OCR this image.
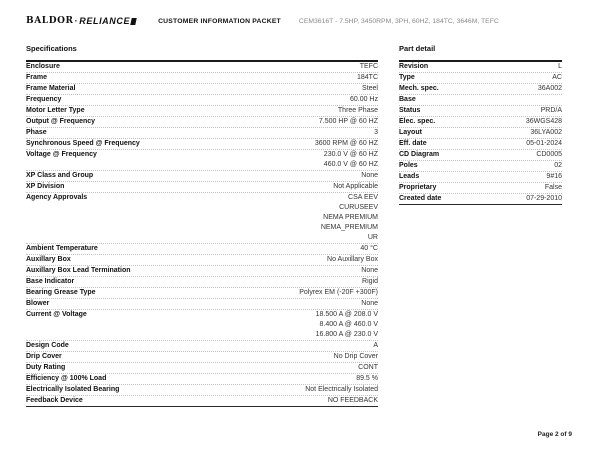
BALDOR · RELIANCE	CUSTOMER INFORMATION PACKET	CEM3616T - 7.5HP, 3450RPM, 3PH, 60HZ, 184TC, 3646M, TEFC
Specifications
Enclosure	TEFC
Frame	184TC
Frame Material	Steel
Frequency	60.00 Hz
Motor Letter Type	Three Phase
Output @ Frequency	7.500 HP @ 60 HZ
Phase	3
Synchronous Speed @ Frequency	3600 RPM @ 60 HZ
Voltage @ Frequency	230.0 V @ 60 HZ
460.0 V @ 60 HZ
XP Class and Group	None
XP Division	Not Applicable
Agency Approvals	CSA EEV
CURUSEEV
NEMA PREMIUM
NEMA_PREMIUM
UR
Ambient Temperature	40 °C
Auxillary Box	No Auxillary Box
Auxillary Box Lead Termination	None
Base Indicator	Rigid
Bearing Grease Type	Polyrex EM (-20F +300F)
Blower	None
Current @ Voltage	18.500 A @ 208.0 V
8.400 A @ 460.0 V
16.800 A @ 230.0 V
Design Code	A
Drip Cover	No Drip Cover
Duty Rating	CONT
Efficiency @ 100% Load	89.5 %
Electrically Isolated Bearing	Not Electrically Isolated
Feedback Device	NO FEEDBACK
Part detail
Revision	L
Type	AC
Mech. spec.	36A002
Base
Status	PRD/A
Elec. spec.	36WGS428
Layout	36LYA002
Eff. date	05-01-2024
CD Diagram	CD0005
Poles	02
Leads	9#16
Proprietary	False
Created date	07-29-2010
Page 2 of 9
